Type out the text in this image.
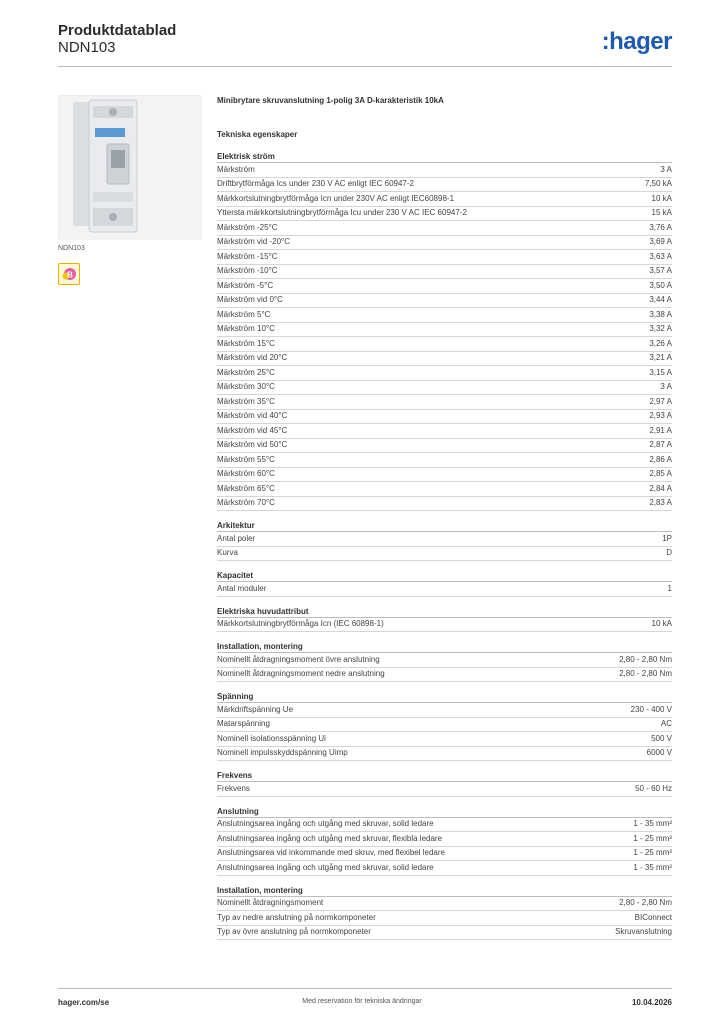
Produktdatablad
NDN103	:hager
NDN103
B
Minibrytare skruvanslutning 1-polig 3A D-karakteristik 10kA
Tekniska egenskaper
Elektrisk ström
Märkström	3 A
Driftbrytförmåga Ics under 230 V AC enligt IEC 60947-2	7,50 kA
Märkkortslutningbrytförmåga Icn under 230V AC enligt IEC60898-1	10 kA
Yttersta märkkortslutningbrytförmåga Icu under 230 V AC IEC 60947-2	15 kA
Märkström -25°C	3,76 A
Märkström vid -20°C	3,69 A
Märkström -15°C	3,63 A
Märkström -10°C	3,57 A
Märkström -5°C	3,50 A
Märkström vid 0°C	3,44 A
Märkström 5°C	3,38 A
Märkström 10°C	3,32 A
Märkström 15°C	3,26 A
Märkström vid 20°C	3,21 A
Märkström 25°C	3,15 A
Märkström 30°C	3 A
Märkström 35°C	2,97 A
Märkström vid 40°C	2,93 A
Märkström vid 45°C	2,91 A
Märkström vid 50°C	2,87 A
Märkström 55°C	2,86 A
Märkström 60°C	2,85 A
Märkström 65°C	2,84 A
Märkström 70°C	2,83 A
Arkitektur
Antal poler	1P
Kurva	D
Kapacitet
Antal moduler	1
Elektriska huvudattribut
Märkkortslutningbrytförmåga Icn (IEC 60898-1)	10 kA
Installation, montering
Nominellt åtdragningsmoment övre anslutning	2,80 - 2,80 Nm
Nominellt åtdragningsmoment nedre anslutning	2,80 - 2,80 Nm
Spänning
Märkdriftspänning Ue	230 - 400 V
Matarspänning	AC
Nominell isolationsspänning Ui	500 V
Nominell impulsskyddspänning Uimp	6000 V
Frekvens
Frekvens	50 - 60 Hz
Anslutning
Anslutningsarea ingång och utgång med skruvar, solid ledare	1 - 35 mm²
Anslutningsarea ingång och utgång med skruvar, flexibla ledare	1 - 25 mm²
Anslutningsarea vid inkommande med skruv, med flexibel ledare	1 - 25 mm²
Anslutningsarea ingång och utgång med skruvar, solid ledare	1 - 35 mm²
Installation, montering
Nominellt åtdragningsmoment	2,80 - 2,80 Nm
Typ av nedre anslutning på normkomponeter	BIConnect
Typ av övre anslutning på normkomponeter	Skruvanslutning
hager.com/se	Med reservation för tekniska ändringar	10.04.2026
